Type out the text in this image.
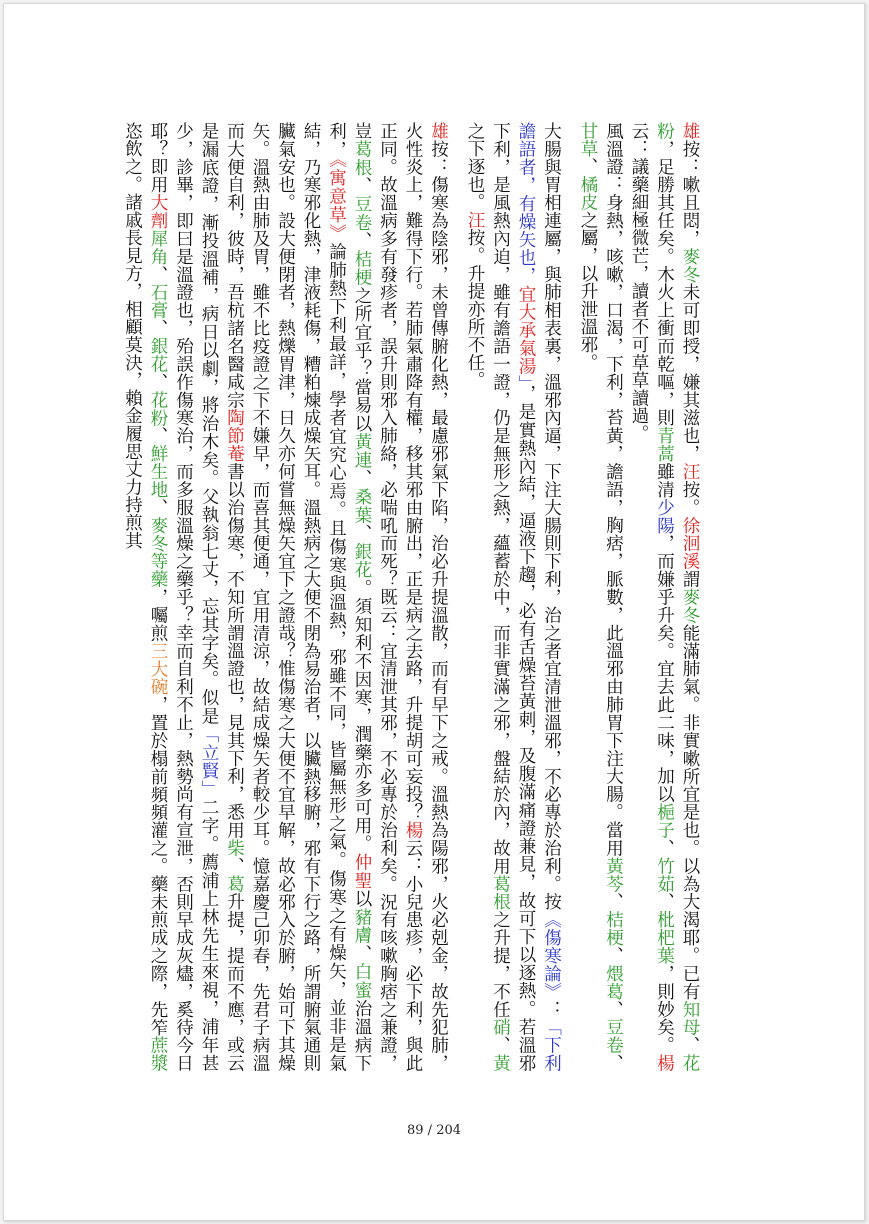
雄按：嗽且悶，麥冬未可即授，嫌其滋也，汪按。徐洄溪謂麥冬能滿肺氣。非實嗽所宜是也。以為大渴耶。已有知母、花粉，足勝其任矣。木火上衝而乾嘔，則青蒿雖清少陽，而嫌乎升矣。宜去此二味，加以梔子、竹茹、枇杷葉，則妙矣。楊云：議藥細極微芒，讀者不可草草讀過。
風溫證：身熱，咳嗽，口渴，下利，苔黃，譫語，胸痞，脈數，此溫邪由肺胃下注大腸。當用黃芩、桔梗、煨葛、豆卷、甘草、橘皮之屬，以升泄溫邪。
大腸與胃相連屬，與肺相表裏，溫邪內逼，下注大腸則下利，治之者宜清泄溫邪，不必專於治利。按《傷寒論》：「下利譫語者，有燥矢也，宜大承氣湯」，是實熱內結，逼液下趨，必有舌燥苔黃刺，及腹滿痛證兼見，故可下以逐熱。若溫邪下利，是風熱內迫，雖有譫語一證，仍是無形之熱，蘊蓄於中，而非實滿之邪，盤結於內，故用葛根之升提，不任硝、黃之下逐也。汪按。升提亦所不任。
雄按：傷寒為陰邪，未曾傳腑化熱，最慮邪氣下陷，治必升提溫散，而有早下之戒。溫熱為陽邪，火必剋金，故先犯肺，火性炎上，難得下行。若肺氣肅降有權，移其邪由腑出，正是病之去路，升提胡可妄投？楊云：小兒患疹，必下利，與此正同。故溫病多有發疹者，誤升則邪入肺絡，必喘吼而死？既云：宜清泄其邪，不必專於治利矣。況有咳嗽胸痞之兼證，豈葛根、豆卷、桔梗之所宜乎？當易以黃連、桑葉、銀花。須知利不因寒，潤藥亦多可用。仲聖以豬膚、白蜜治溫病下利，《寓意草》論肺熱下利最詳，學者宜究心焉。且傷寒與溫熱，邪雖不同，皆屬無形之氣。傷寒之有燥矢，並非是氣結，乃寒邪化熱，津液耗傷，糟粕煉成燥矢耳。溫熱病之大便不閉為易治者，以臟熱移腑，邪有下行之路，所謂腑氣通則臟氣安也。設大便閉者，熱爍胃津，日久亦何嘗無燥矢宜下之證哉？惟傷寒之大便不宜早解，故必邪入於腑，始可下其燥矢。溫熱由肺及胃，雖不比疫證之下不嫌早，而喜其便通，宜用清涼，故結成燥矢者較少耳。憶嘉慶己卯春，先君子病溫而大便自利，彼時，吾杭諸名醫咸宗陶節菴書以治傷寒，不知所謂溫證也，見其下利，悉用柴、葛升提，提而不應，或云是漏底證，漸投溫補，病日以劇，將治木矣。父執翁七丈，忘其字矣。似是「立賢」二字。薦浦上林先生來視，浦年甚少，診畢，即曰是溫證也，殆誤作傷寒治，而多服溫燥之藥乎？幸而自利不止，熱勢尚有宣泄，否則早成灰燼，奚待今日耶？即用大劑犀角、石膏、銀花、花粉、鮮生地、麥冬等藥，囑煎三大碗，置於榻前頻頻灌之。藥未煎成之際，先笮蔗漿恣飲之。諸戚長見方，相顧莫決，賴金履思丈力持煎其
89 / 204
